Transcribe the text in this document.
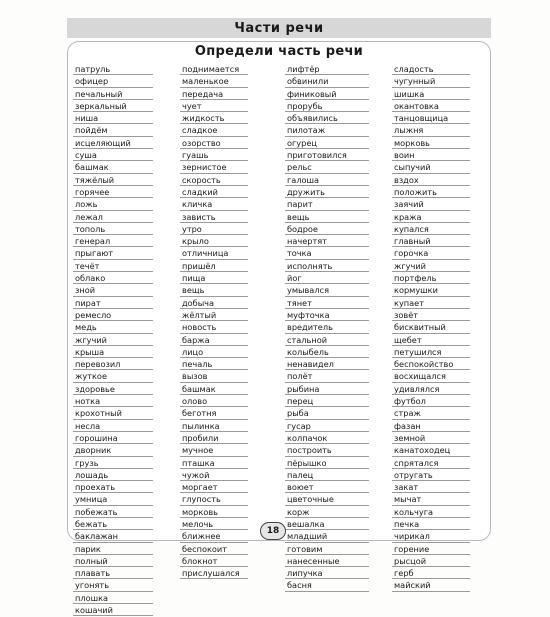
Части речи
Определи часть речи
патруль
офицер
печальный
зеркальный
ниша
пойдём
исцеляющий
суша
башмак
тяжёлый
горячее
ложь
лежал
тополь
генерал
прыгают
течёт
облако
зной
пират
ремесло
медь
жгучий
крыша
перевозил
жуткое
здоровье
нотка
крохотный
несла
горошина
дворник
грузь
лошадь
проехать
умница
побежать
бежать
баклажан
парик
полный
плавать
угонять
плошка
кошачий
поднимается
маленькое
передача
чует
жидкость
сладкое
озорство
гуашь
зернистое
скорость
сладкий
кличка
зависть
утро
крыло
отличница
пришёл
пища
вещь
добыча
жёлтый
новость
баржа
лицо
печаль
вызов
башмак
олово
беготня
пылинка
пробили
мучное
пташка
чужой
моргает
глупость
морковь
мелочь
ближнее
беспокоит
блокнот
прислушался
лифтёр
обвинили
финиковый
прорубь
объявились
пилотаж
огурец
приготовился
рельс
галоша
дружить
парит
вещь
бодрое
начертят
точка
исполнять
йог
умывался
тянет
муфточка
вредитель
стальной
колыбель
ненавидел
полёт
рыбина
перец
рыба
гусар
колпачок
построить
пёрышко
палец
воюет
цветочные
корж
вешалка
младший
готовим
нанесенные
липучка
басня
сладость
чугунный
шишка
окантовка
танцовщица
лыжня
морковь
воин
сыпучий
вздох
положить
заячий
кража
купался
главный
горочка
жгучий
портфель
кормушки
купает
зовёт
бисквитный
щебет
петушился
беспокойство
восхищался
удивлялся
футбол
страж
фазан
земной
канатоходец
спрятался
отругать
закат
мычат
кольчуга
печка
чирикал
горение
рысцой
герб
майский
18
